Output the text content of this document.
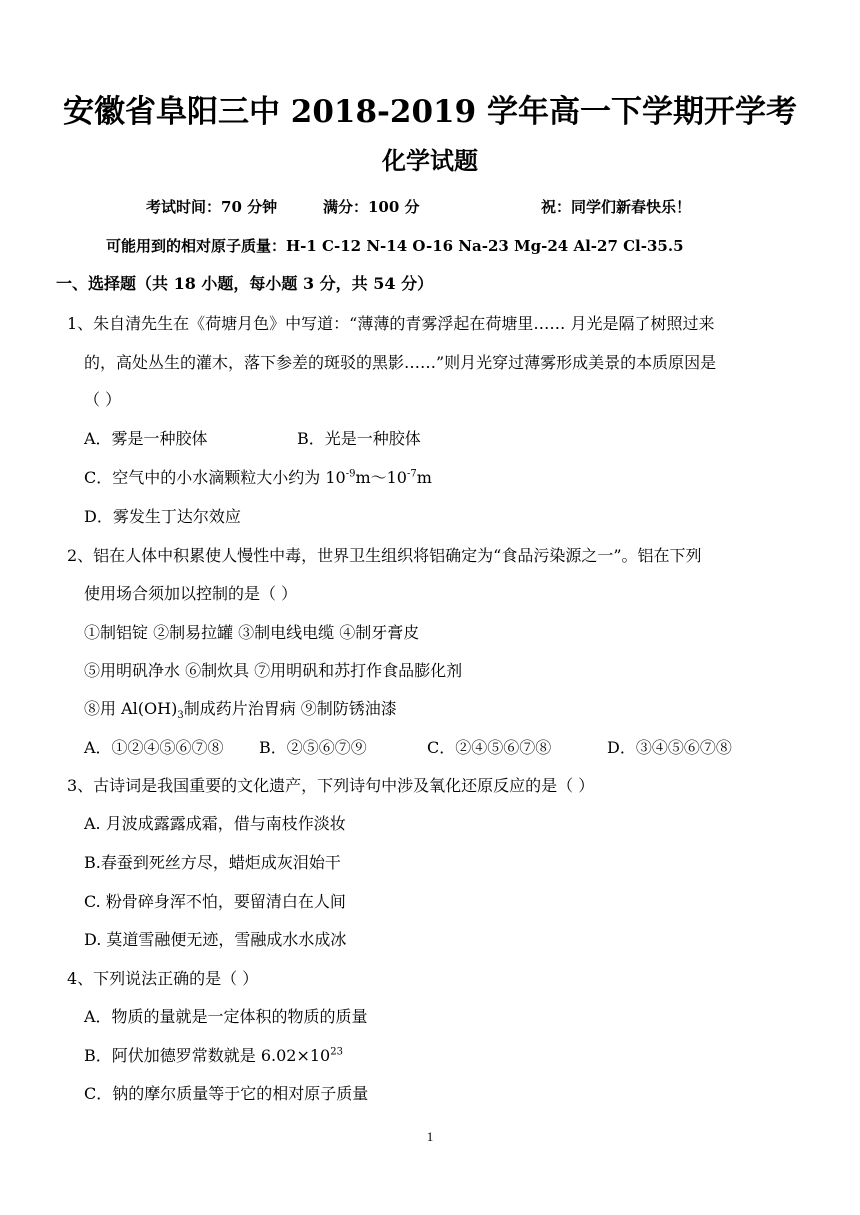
安徽省阜阳三中 2018-2019 学年高一下学期开学考
化学试题
考试时间：70 分钟	满分：100 分	祝：同学们新春快乐！
可能用到的相对原子质量：H-1 C-12 N-14 O-16 Na-23 Mg-24 Al-27 Cl-35.5
一、选择题（共 18 小题，每小题 3 分，共 54 分）
1、朱自清先生在《荷塘月色》中写道：“薄薄的青雾浮起在荷塘里…… 月光是隔了树照过来
的，高处丛生的灌木，落下参差的斑驳的黑影……”则月光穿过薄雾形成美景的本质原因是
（ ）
A．雾是一种胶体	B．光是一种胶体
C．空气中的小水滴颗粒大小约为 $10^{-9}m\sim 10^{-7}m$
D．雾发生丁达尔效应
2、铝在人体中积累使人慢性中毒，世界卫生组织将铝确定为“食品污染源之一”。铝在下列
使用场合须加以控制的是（ ）
①制铝锭 ②制易拉罐 ③制电线电缆 ④制牙膏皮
⑤用明矾净水 ⑥制炊具 ⑦用明矾和苏打作食品膨化剂
⑧用 $Al(OH)_3$制成药片治胃病 ⑨制防锈油漆
A．①②④⑤⑥⑦⑧ B．②⑤⑥⑦⑨	C．②④⑤⑥⑦⑧	D．③④⑤⑥⑦⑧
3、古诗词是我国重要的文化遗产，下列诗句中涉及氧化还原反应的是（ ）
A. 月波成露露成霜，借与南枝作淡妆
B.春蚕到死丝方尽，蜡炬成灰泪始干
C. 粉骨碎身浑不怕，要留清白在人间
D. 莫道雪融便无迹，雪融成水水成冰
4、下列说法正确的是（ ）
A．物质的量就是一定体积的物质的质量
B．阿伏加德罗常数就是 $6.02\times 10^{23}$
C．钠的摩尔质量等于它的相对原子质量
1
